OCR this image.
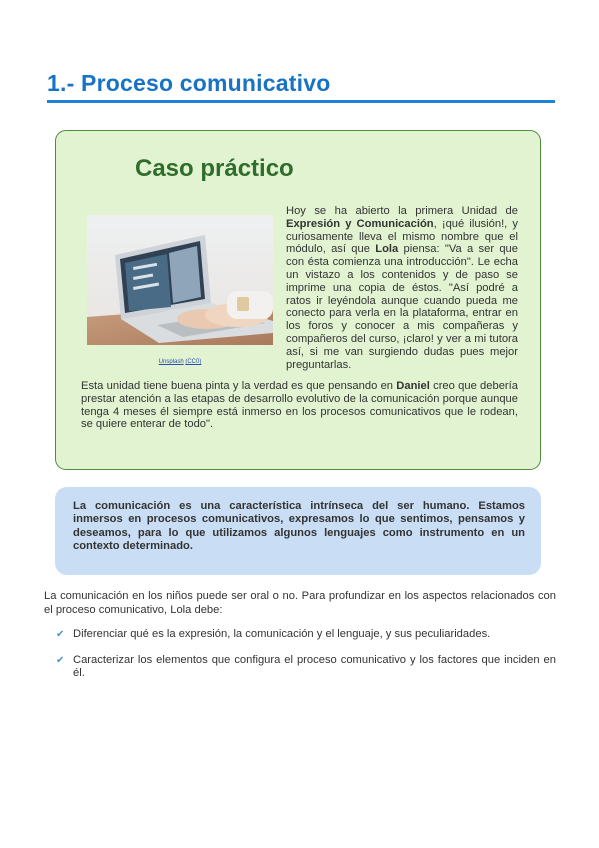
1.- Proceso comunicativo
Caso práctico
Unsplash (CC0)

Hoy se ha abierto la primera Unidad de Expresión y Comunicación, ¡qué ilusión!, y curiosamente lleva el mismo nombre que el módulo, así que Lola piensa: "Va a ser que con ésta comienza una introducción". Le echa un vistazo a los contenidos y de paso se imprime una copia de éstos. "Así podré a ratos ir leyéndola aunque cuando pueda me conecto para verla en la plataforma, entrar en los foros y conocer a mis compañeras y compañeros del curso, ¡claro! y ver a mi tutora así, si me van surgiendo dudas pues mejor preguntarlas.

Esta unidad tiene buena pinta y la verdad es que pensando en Daniel creo que debería prestar atención a las etapas de desarrollo evolutivo de la comunicación porque aunque tenga 4 meses él siempre está inmerso en los procesos comunicativos que le rodean, se quiere enterar de todo".

La comunicación es una característica intrínseca del ser humano. Estamos inmersos en procesos comunicativos, expresamos lo que sentimos, pensamos y deseamos, para lo que utilizamos algunos lenguajes como instrumento en un contexto determinado.

La comunicación en los niños puede ser oral o no. Para profundizar en los aspectos relacionados con el proceso comunicativo, Lola debe:

✔ Diferenciar qué es la expresión, la comunicación y el lenguaje, y sus peculiaridades.
✔ Caracterizar los elementos que configura el proceso comunicativo y los factores que inciden en él.
